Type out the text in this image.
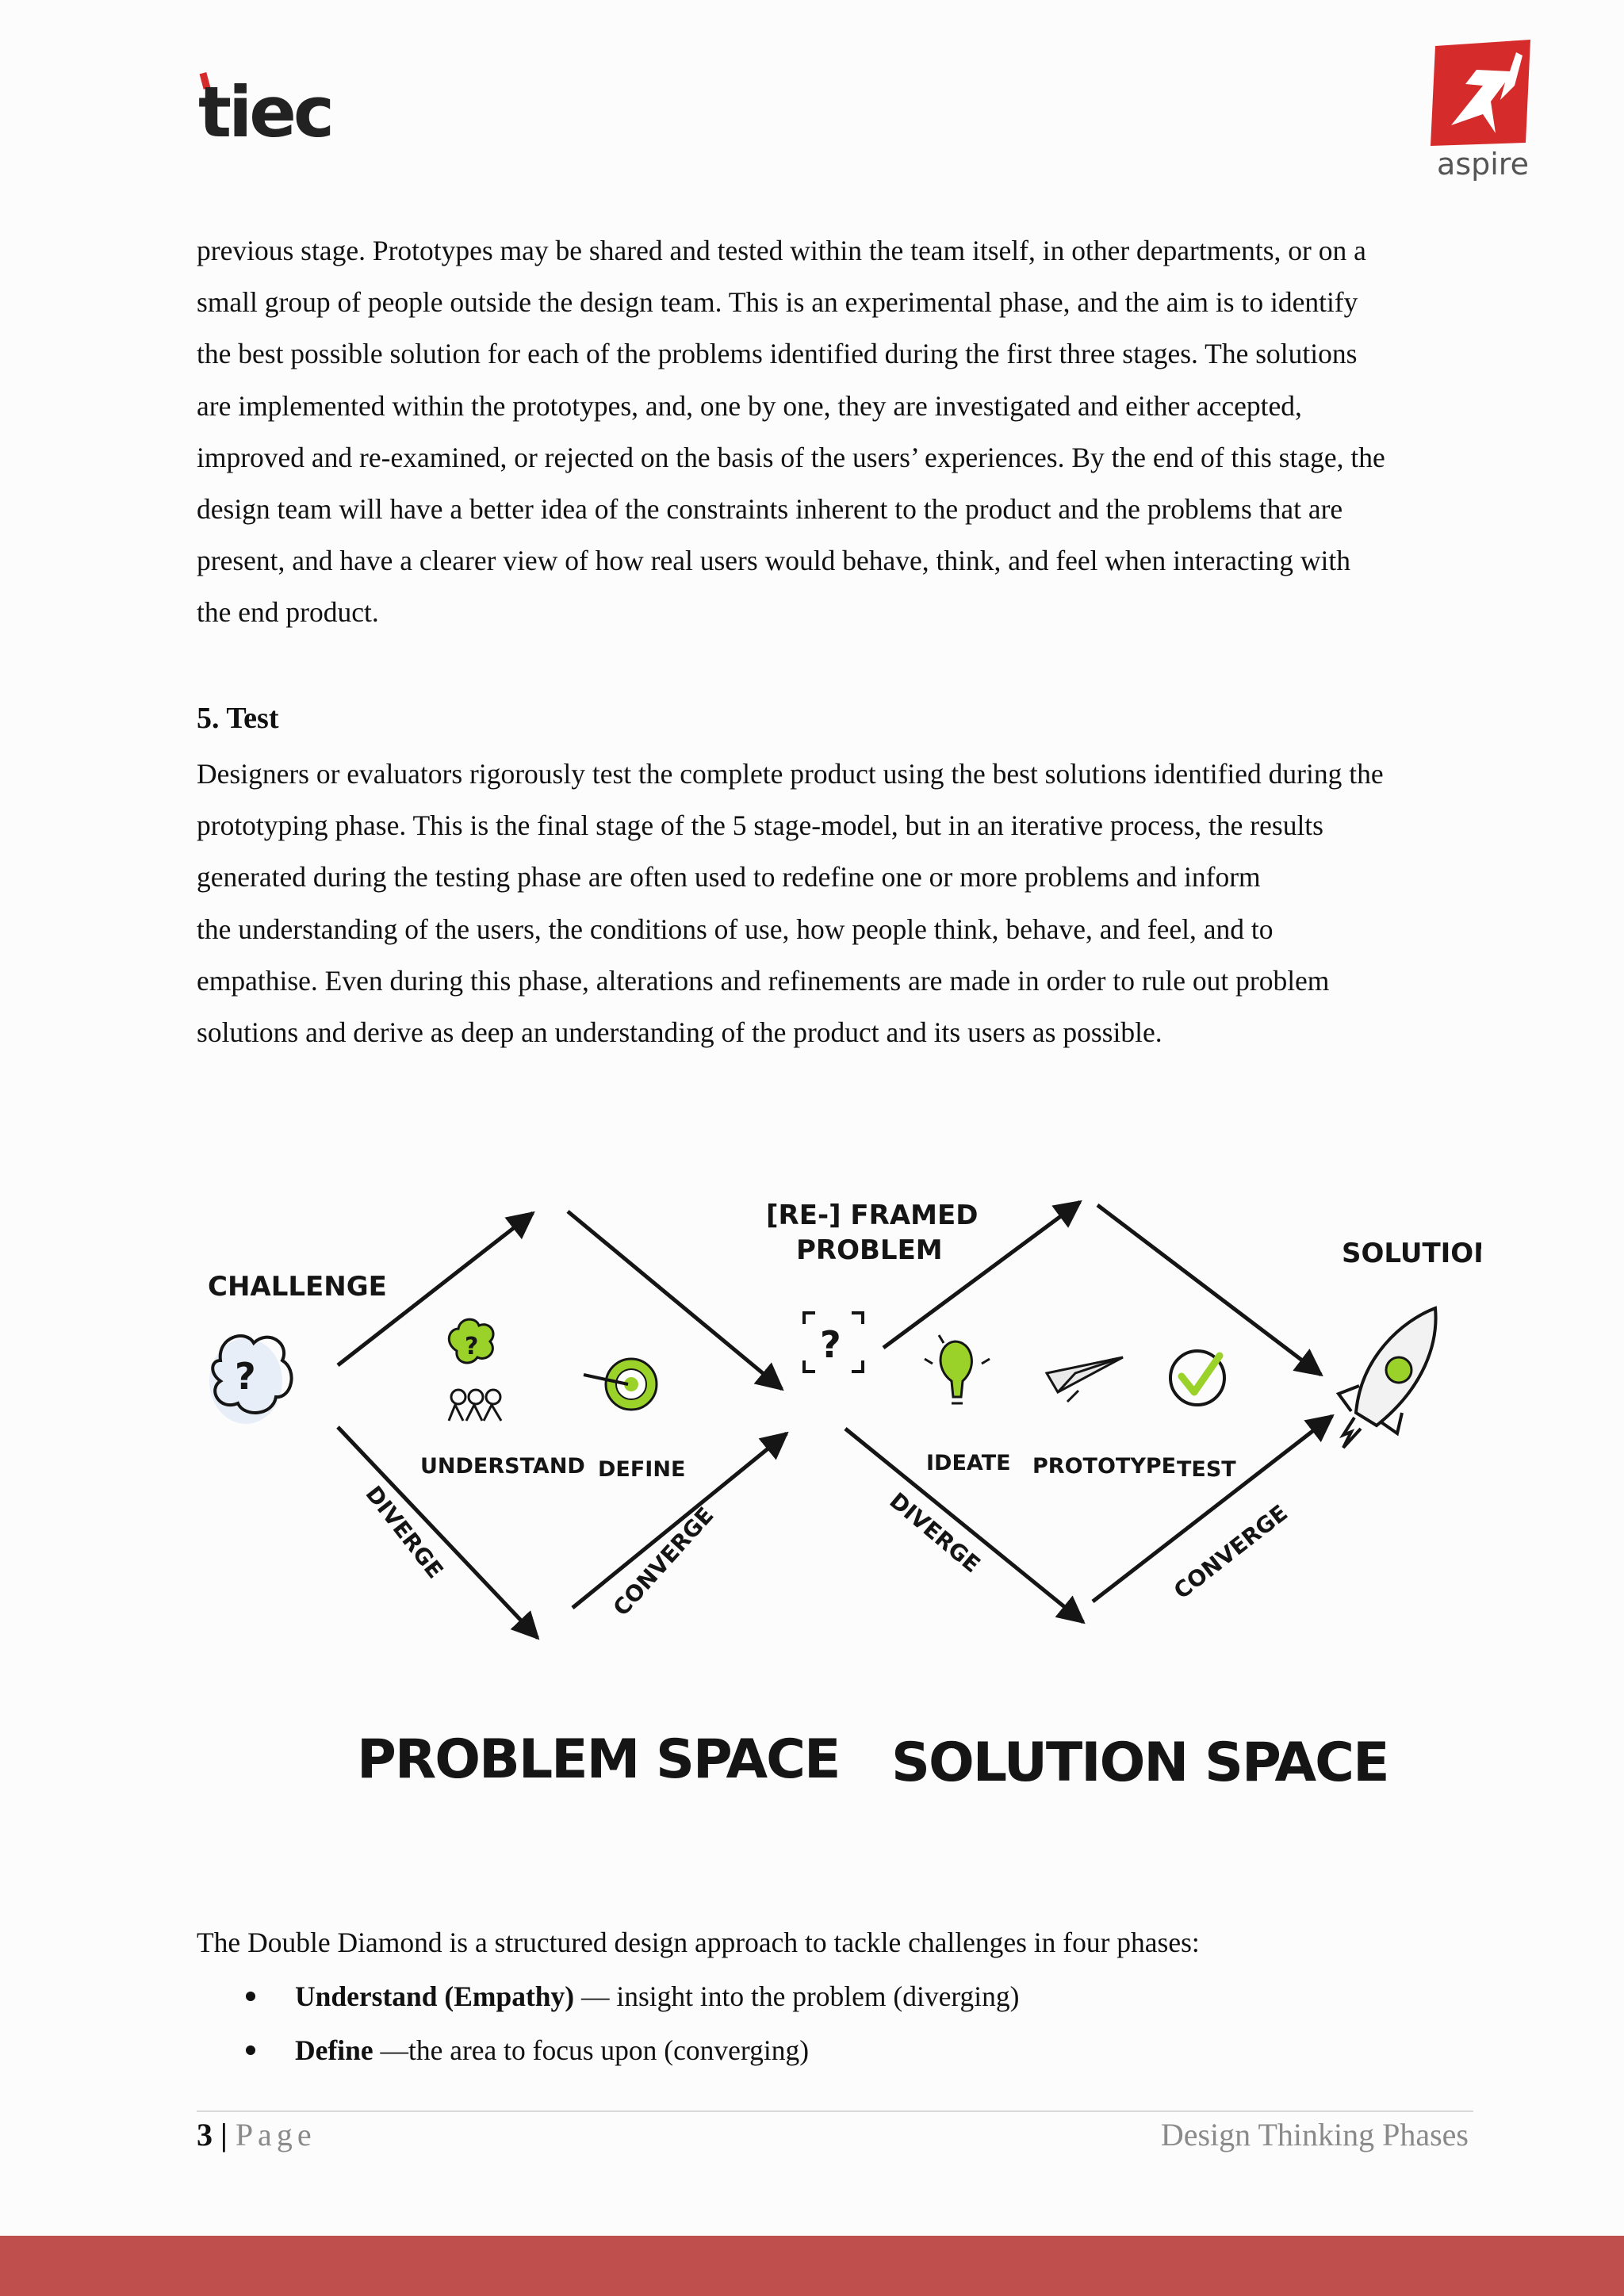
tiec
aspire

previous stage. Prototypes may be shared and tested within the team itself, in other departments, or on a
small group of people outside the design team. This is an experimental phase, and the aim is to identify
the best possible solution for each of the problems identified during the first three stages. The solutions
are implemented within the prototypes, and, one by one, they are investigated and either accepted,
improved and re-examined, or rejected on the basis of the users’ experiences. By the end of this stage, the
design team will have a better idea of the constraints inherent to the product and the problems that are
present, and have a clearer view of how real users would behave, think, and feel when interacting with
the end product.

5. Test

Designers or evaluators rigorously test the complete product using the best solutions identified during the
prototyping phase. This is the final stage of the 5 stage-model, but in an iterative process, the results
generated during the testing phase are often used to redefine one or more problems and inform
the understanding of the users, the conditions of use, how people think, behave, and feel, and to
empathise. Even during this phase, alterations and refinements are made in order to rule out problem
solutions and derive as deep an understanding of the product and its users as possible.

CHALLENGE
[RE-] FRAMED
PROBLEM	SOLUTION
?
?
?
UNDERSTAND DEFINE
DIVERGE	CONVERGE
IDEATE PROTOTYPE TEST
DIVERGE	CONVERGE
PROBLEM SPACE SOLUTION SPACE

The Double Diamond is a structured design approach to tackle challenges in four phases:

Understand (Empathy) — insight into the problem (diverging)
Define —the area to focus upon (converging)
3 | Page	Design Thinking Phases
